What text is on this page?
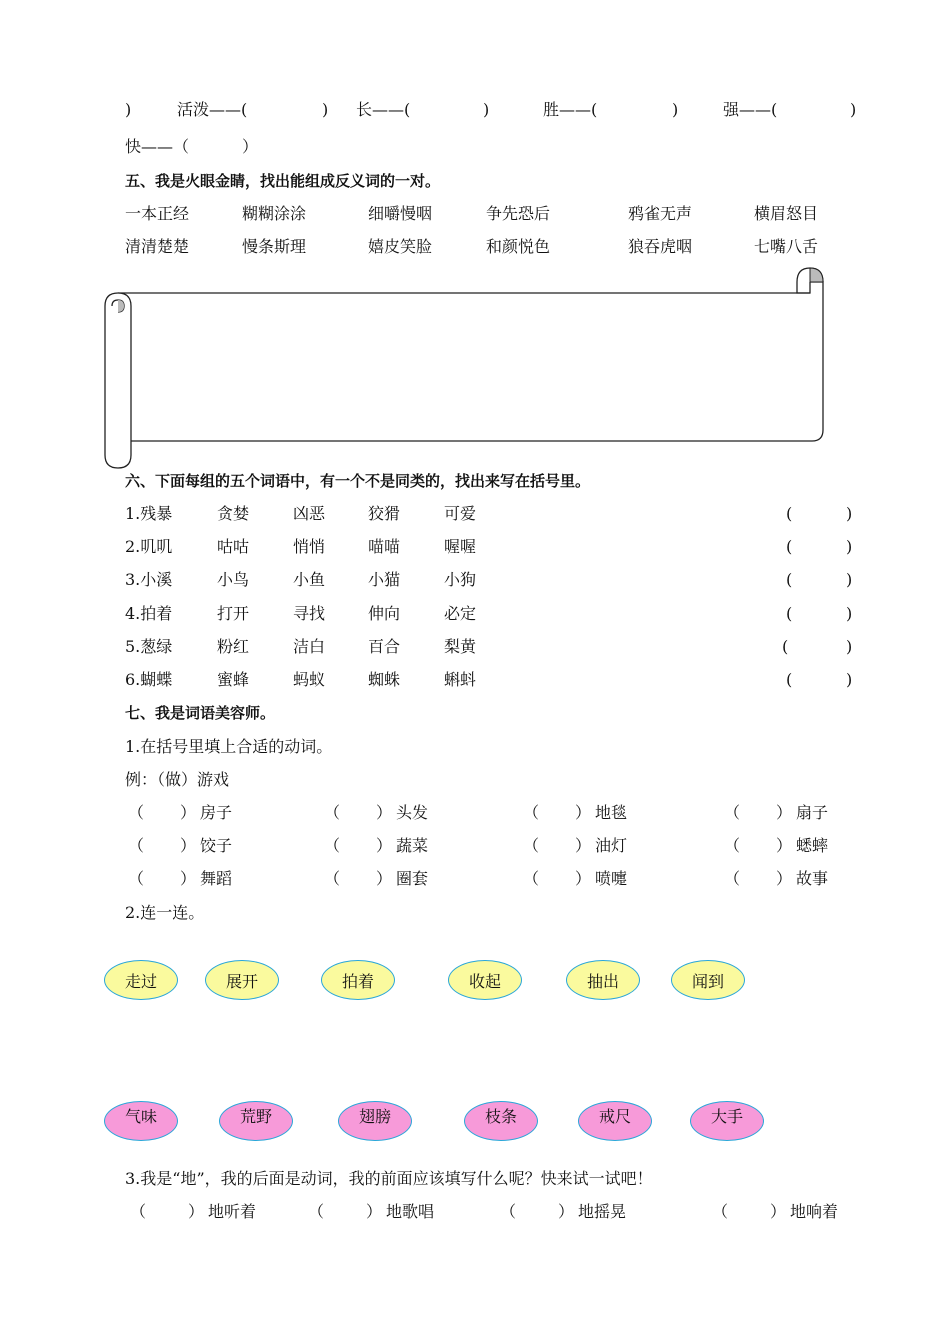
)	活泼——(	) 长——(	)	胜——(	)	强——(	)
快——（	）
五、我是火眼金睛，找出能组成反义词的一对。
一本正经	糊糊涂涂	细嚼慢咽	争先恐后	鸦雀无声	横眉怒目
清清楚楚	慢条斯理	嬉皮笑脸	和颜悦色	狼吞虎咽	七嘴八舌
六、下面每组的五个词语中，有一个不是同类的，找出来写在括号里。
1.残暴	贪婪	凶恶	狡猾	可爱	(	)
2.叽叽	咕咕	悄悄	喵喵	喔喔	(	)
3.小溪	小鸟	小鱼	小猫	小狗	(	)
4.拍着	打开	寻找	伸向	必定	(	)
5.葱绿	粉红	洁白	百合	梨黄	(	)
6.蝴蝶	蜜蜂	蚂蚁	蜘蛛	蝌蚪	(	)
七、我是词语美容师。
1.在括号里填上合适的动词。
例：（做）游戏
（ ） 房子	（ ） 头发	（ ） 地毯	（ ） 扇子
（ ） 饺子	（ ） 蔬菜	（ ） 油灯	（ ） 蟋蟀
（ ） 舞蹈	（ ） 圈套	（ ） 喷嚏	（ ） 故事
2.连一连。
走过	展开	拍着	收起	抽出	闻到
气味	荒野	翅膀	枝条	戒尺	大手
3.我是“地”，我的后面是动词，我的前面应该填写什么呢？快来试一试吧！
（	） 地听着	（	） 地歌唱	（	） 地摇晃	（	） 地响着
